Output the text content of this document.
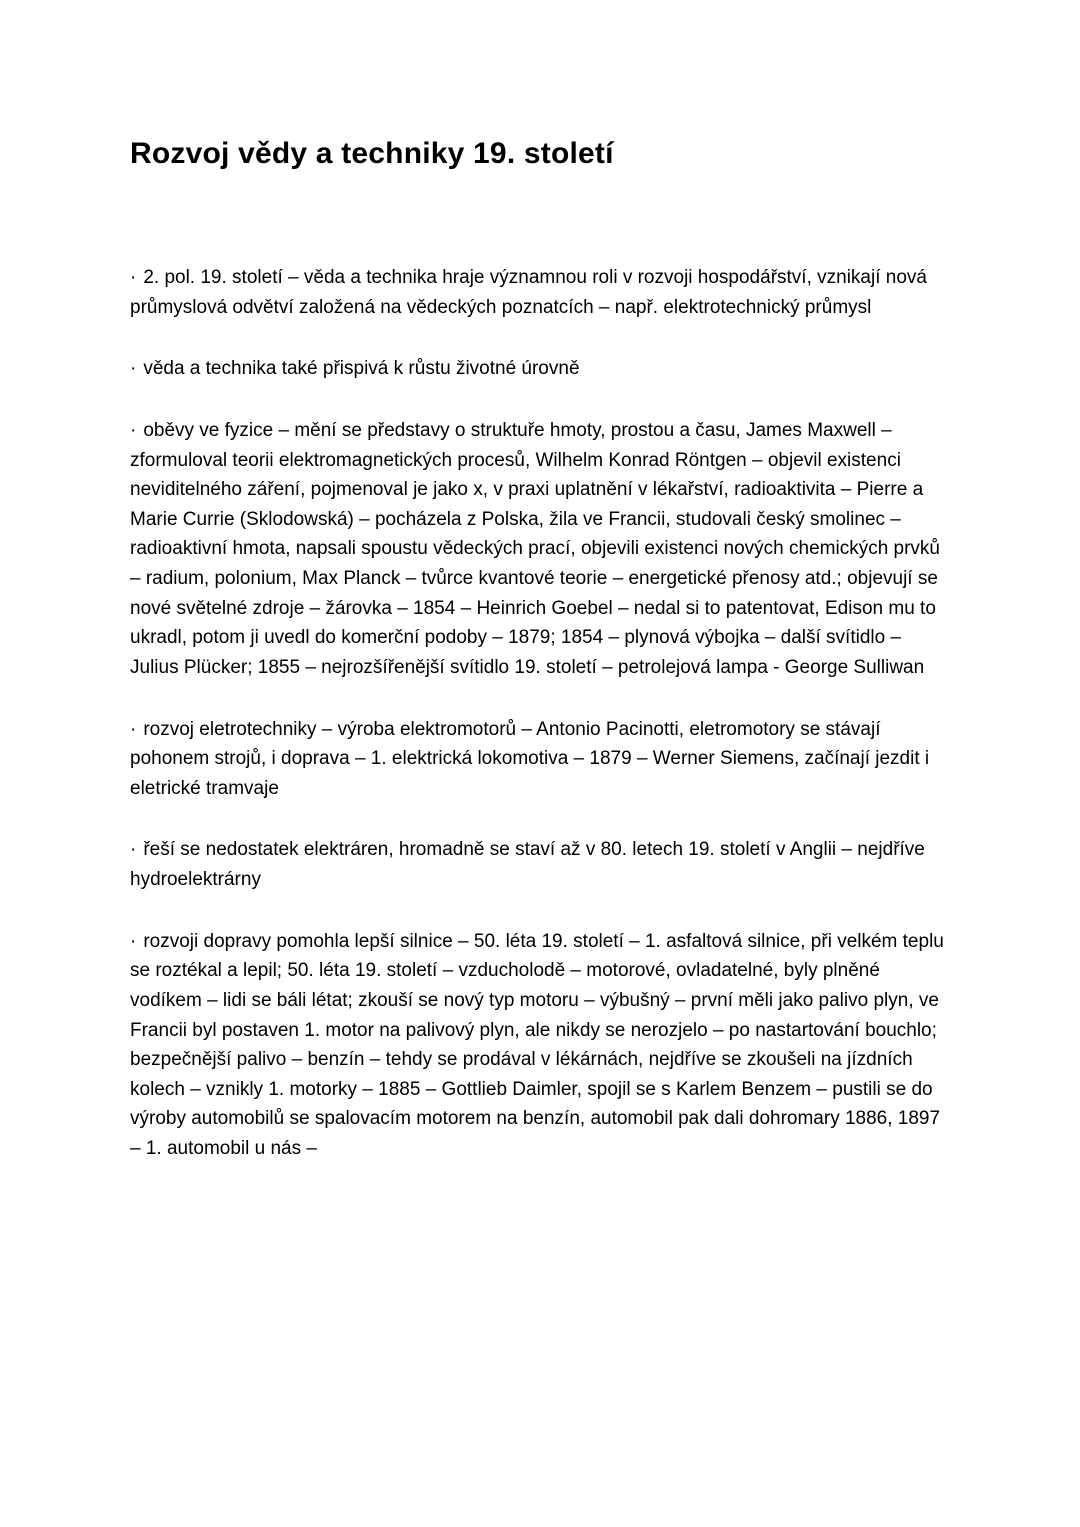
Rozvoj vědy a techniky 19. století

· 2. pol. 19. století – věda a technika hraje významnou roli v rozvoji hospodářství, vznikají nová průmyslová odvětví založená na vědeckých poznatcích – např. elektrotechnický průmysl

· věda a technika také přispivá k růstu životné úrovně

· oběvy ve fyzice – mění se představy o struktuře hmoty, prostou a času, James Maxwell – zformuloval teorii elektromagnetických procesů, Wilhelm Konrad Röntgen – objevil existenci neviditelného záření, pojmenoval je jako x, v praxi uplatnění v lékařství, radioaktivita – Pierre a Marie Currie (Sklodowská) – pocházela z Polska, žila ve Francii, studovali český smolinec – radioaktivní hmota, napsali spoustu vědeckých prací, objevili existenci nových chemických prvků – radium, polonium, Max Planck – tvůrce kvantové teorie – energetické přenosy atd.; objevují se nové světelné zdroje – žárovka – 1854 – Heinrich Goebel – nedal si to patentovat, Edison mu to ukradl, potom ji uvedl do komerční podoby – 1879; 1854 – plynová výbojka – další svítidlo – Julius Plücker; 1855 – nejrozšířenější svítidlo 19. století – petrolejová lampa - George Sulliwan

· rozvoj eletrotechniky – výroba elektromotorů – Antonio Pacinotti, eletromotory se stávají pohonem strojů, i doprava – 1. elektrická lokomotiva – 1879 – Werner Siemens, začínají jezdit i eletrické tramvaje

· řeší se nedostatek elektráren, hromadně se staví až v 80. letech 19. století v Anglii – nejdříve hydroelektrárny

· rozvoji dopravy pomohla lepší silnice – 50. léta 19. století – 1. asfaltová silnice, při velkém teplu se roztékal a lepil; 50. léta 19. století – vzducholodě – motorové, ovladatelné, byly plněné vodíkem – lidi se báli létat; zkouší se nový typ motoru – výbušný – první měli jako palivo plyn, ve Francii byl postaven 1. motor na palivový plyn, ale nikdy se nerozjelo – po nastartování bouchlo; bezpečnější palivo – benzín – tehdy se prodával v lékárnách, nejdříve se zkoušeli na jízdních kolech – vznikly 1. motorky – 1885 – Gottlieb Daimler, spojil se s Karlem Benzem – pustili se do výroby automobilů se spalovacím motorem na benzín, automobil pak dali dohromary 1886, 1897 – 1. automobil u nás –
